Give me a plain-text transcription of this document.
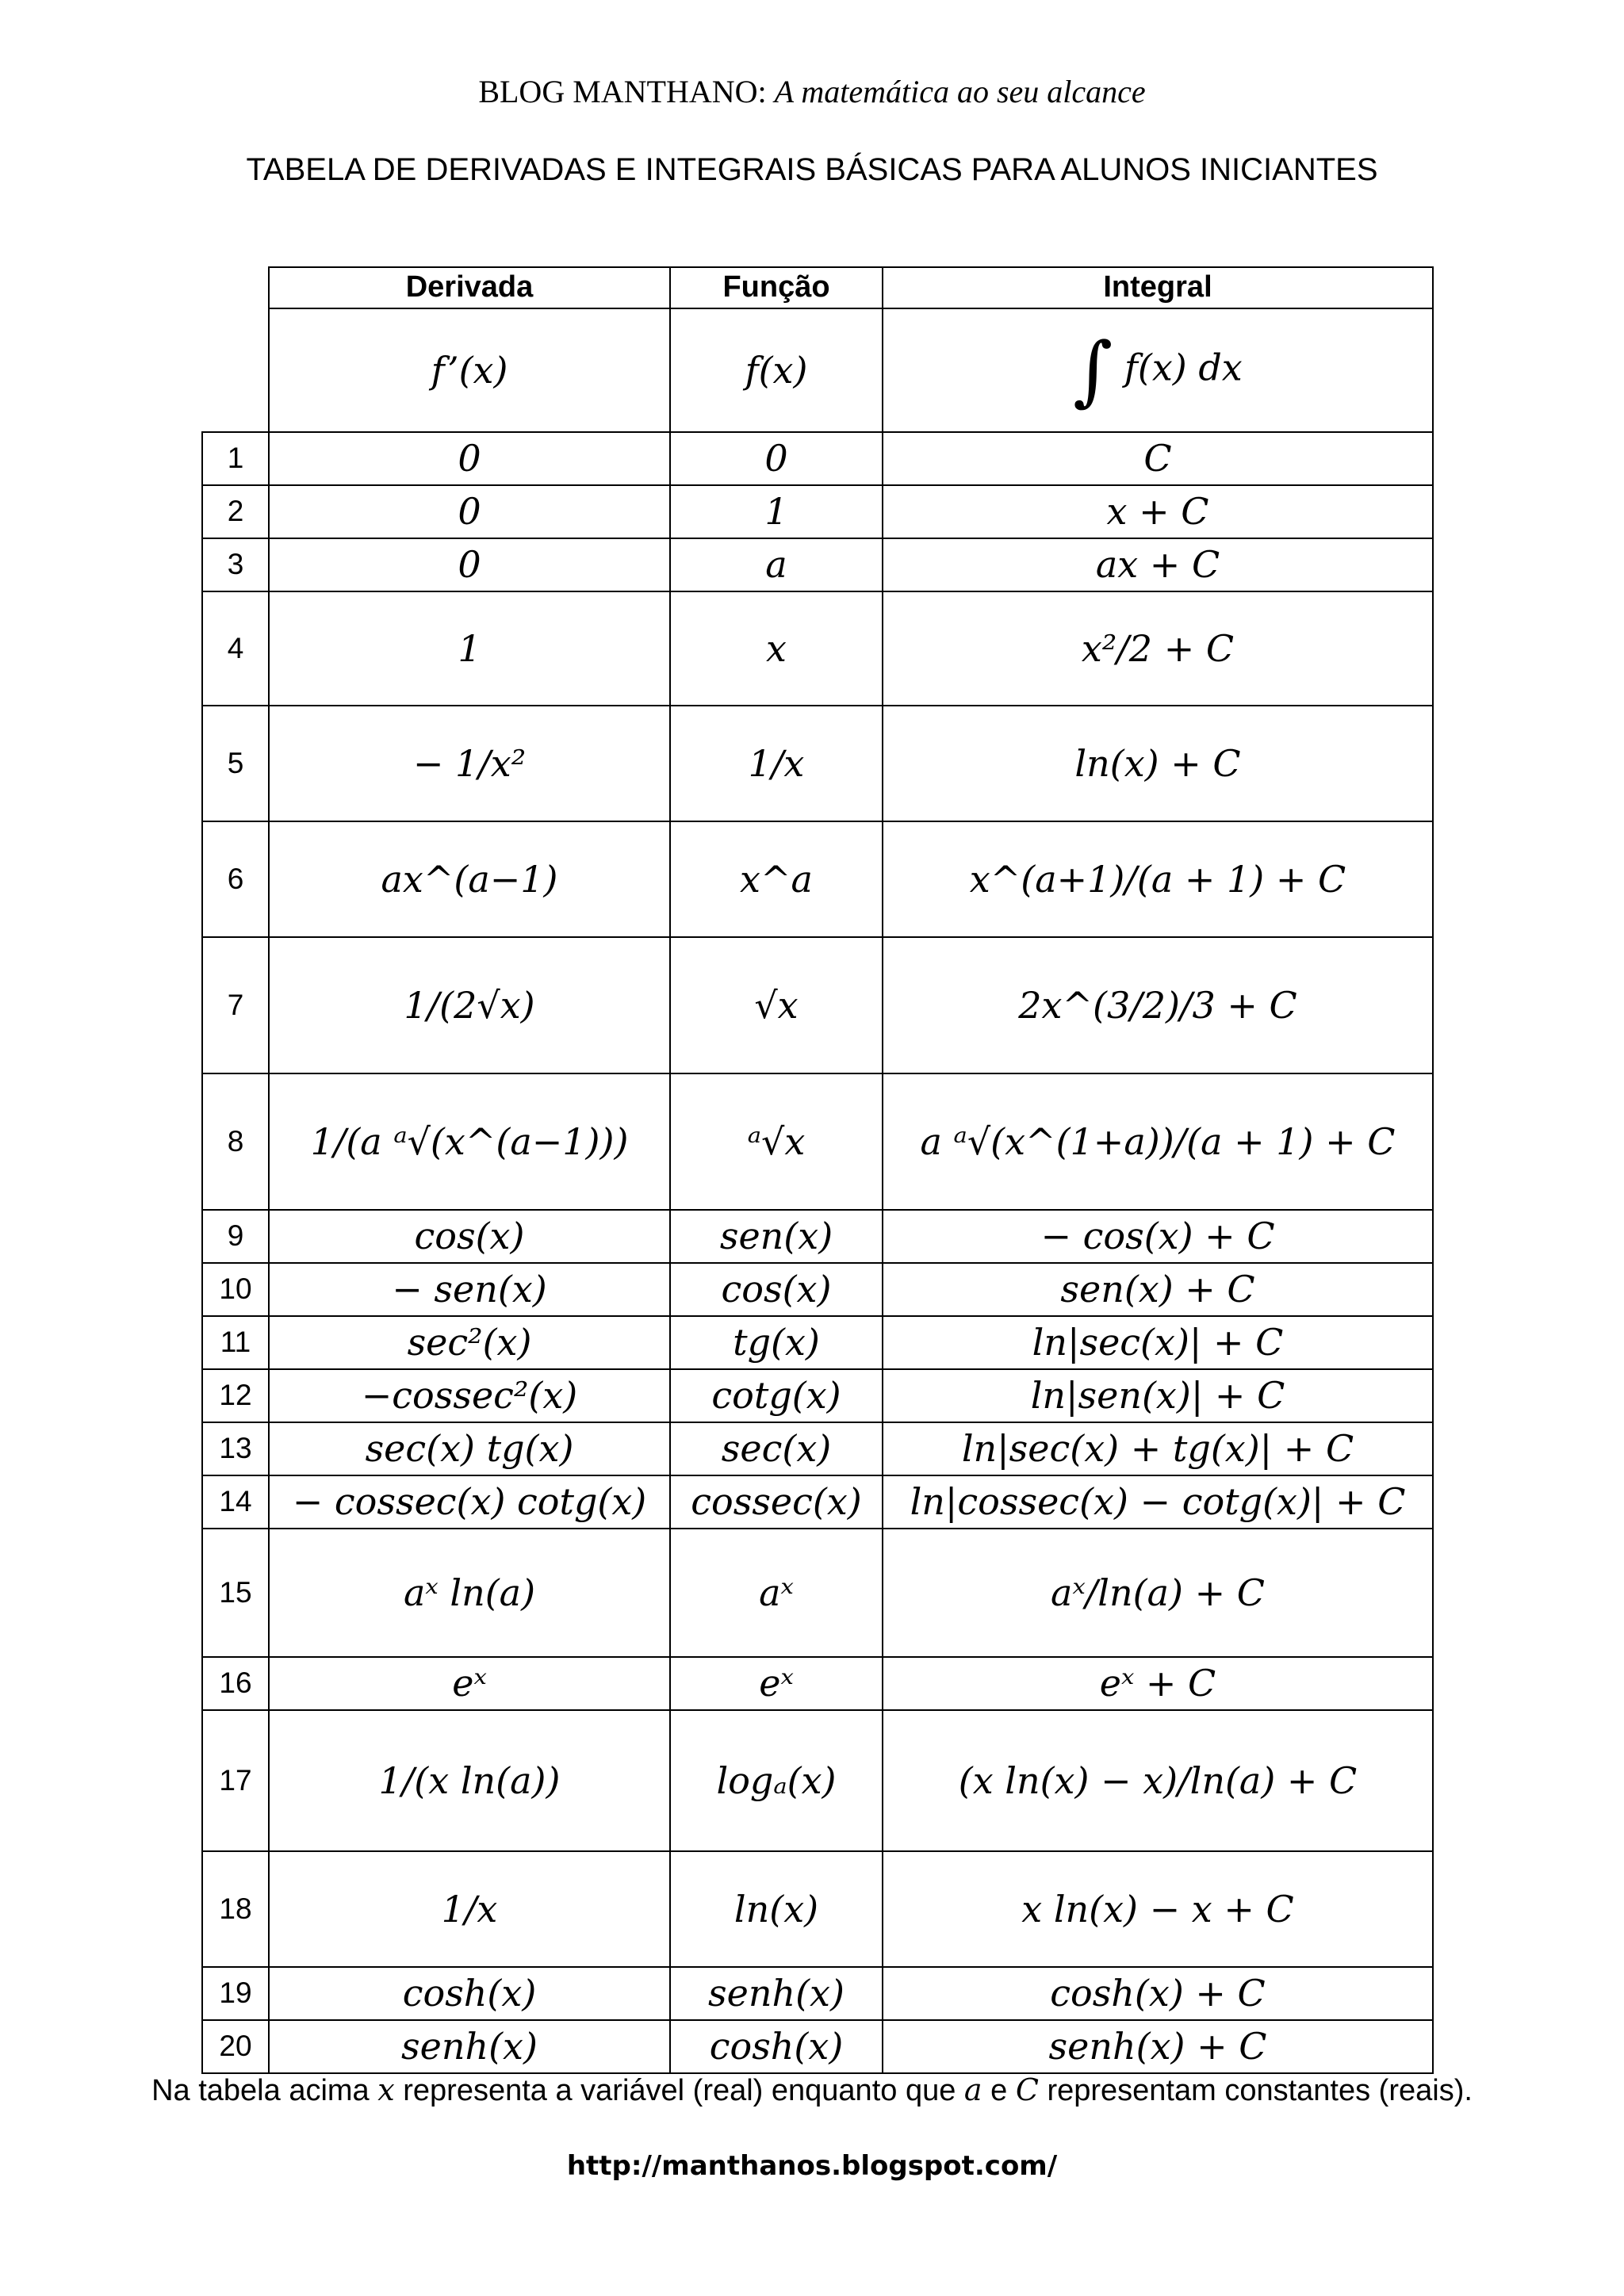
BLOG MANTHANO: A matemática ao seu alcance
TABELA DE DERIVADAS E INTEGRAIS BÁSICAS PARA ALUNOS INICIANTES
	Derivada	Função	Integral
	f’(x)	f(x)	∫ f(x) dx
1	0	0	C
2	0	1	x + C
3	0	a	ax + C
4	1	x	x²/2 + C
5	− 1/x²	1/x	ln(x) + C
6	ax^(a−1)	x^a	x^(a+1)/(a + 1) + C
7	1/(2√x)	√x	2x^(3/2)/3 + C
8	1/(a ᵃ√(x^(a−1)))	ᵃ√x	a ᵃ√(x^(1+a))/(a + 1) + C
9	cos(x)	sen(x)	− cos(x) + C
10	− sen(x)	cos(x)	sen(x) + C
11	sec²(x)	tg(x)	ln|sec(x)| + C
12	−cossec²(x)	cotg(x)	ln|sen(x)| + C
13	sec(x) tg(x)	sec(x)	ln|sec(x) + tg(x)| + C
14	− cossec(x) cotg(x)	cossec(x)	ln|cossec(x) − cotg(x)| + C
15	aˣ ln(a)	aˣ	aˣ/ln(a) + C
16	eˣ	eˣ	eˣ + C
17	1/(x ln(a))	logₐ(x)	(x ln(x) − x)/ln(a) + C
18	1/x	ln(x)	x ln(x) − x + C
19	cosh(x)	senh(x)	cosh(x) + C
20	senh(x)	cosh(x)	senh(x) + C
Na tabela acima x representa a variável (real) enquanto que a e C representam constantes (reais).
http://manthanos.blogspot.com/
